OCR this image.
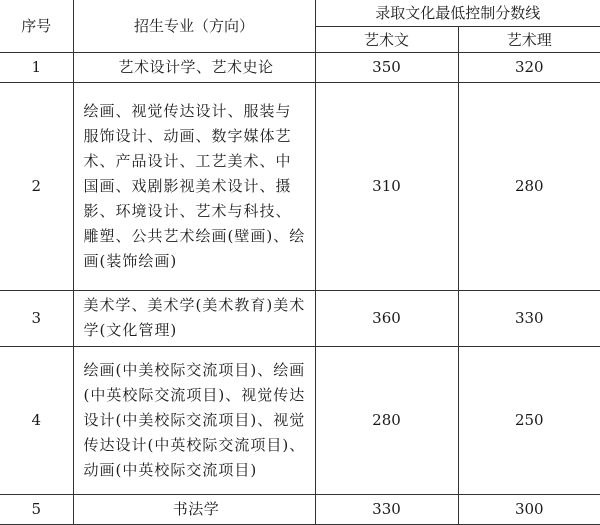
序号	招生专业（方向）	录取文化最低控制分数线	
		艺术文	艺术理
1	艺术设计学、艺术史论	350	320
2	绘画、视觉传达设计、服装与服饰设计、动画、数字媒体艺术、产品设计、工艺美术、中国画、戏剧影视美术设计、摄影、环境设计、艺术与科技、雕塑、公共艺术绘画(壁画)、绘画(装饰绘画)	310	280
3	美术学、美术学(美术教育)美术学(文化管理)	360	330
4	绘画(中美校际交流项目)、绘画(中英校际交流项目)、视觉传达设计(中美校际交流项目)、视觉传达设计(中英校际交流项目)、动画(中英校际交流项目)	280	250
5	书法学	330	300
